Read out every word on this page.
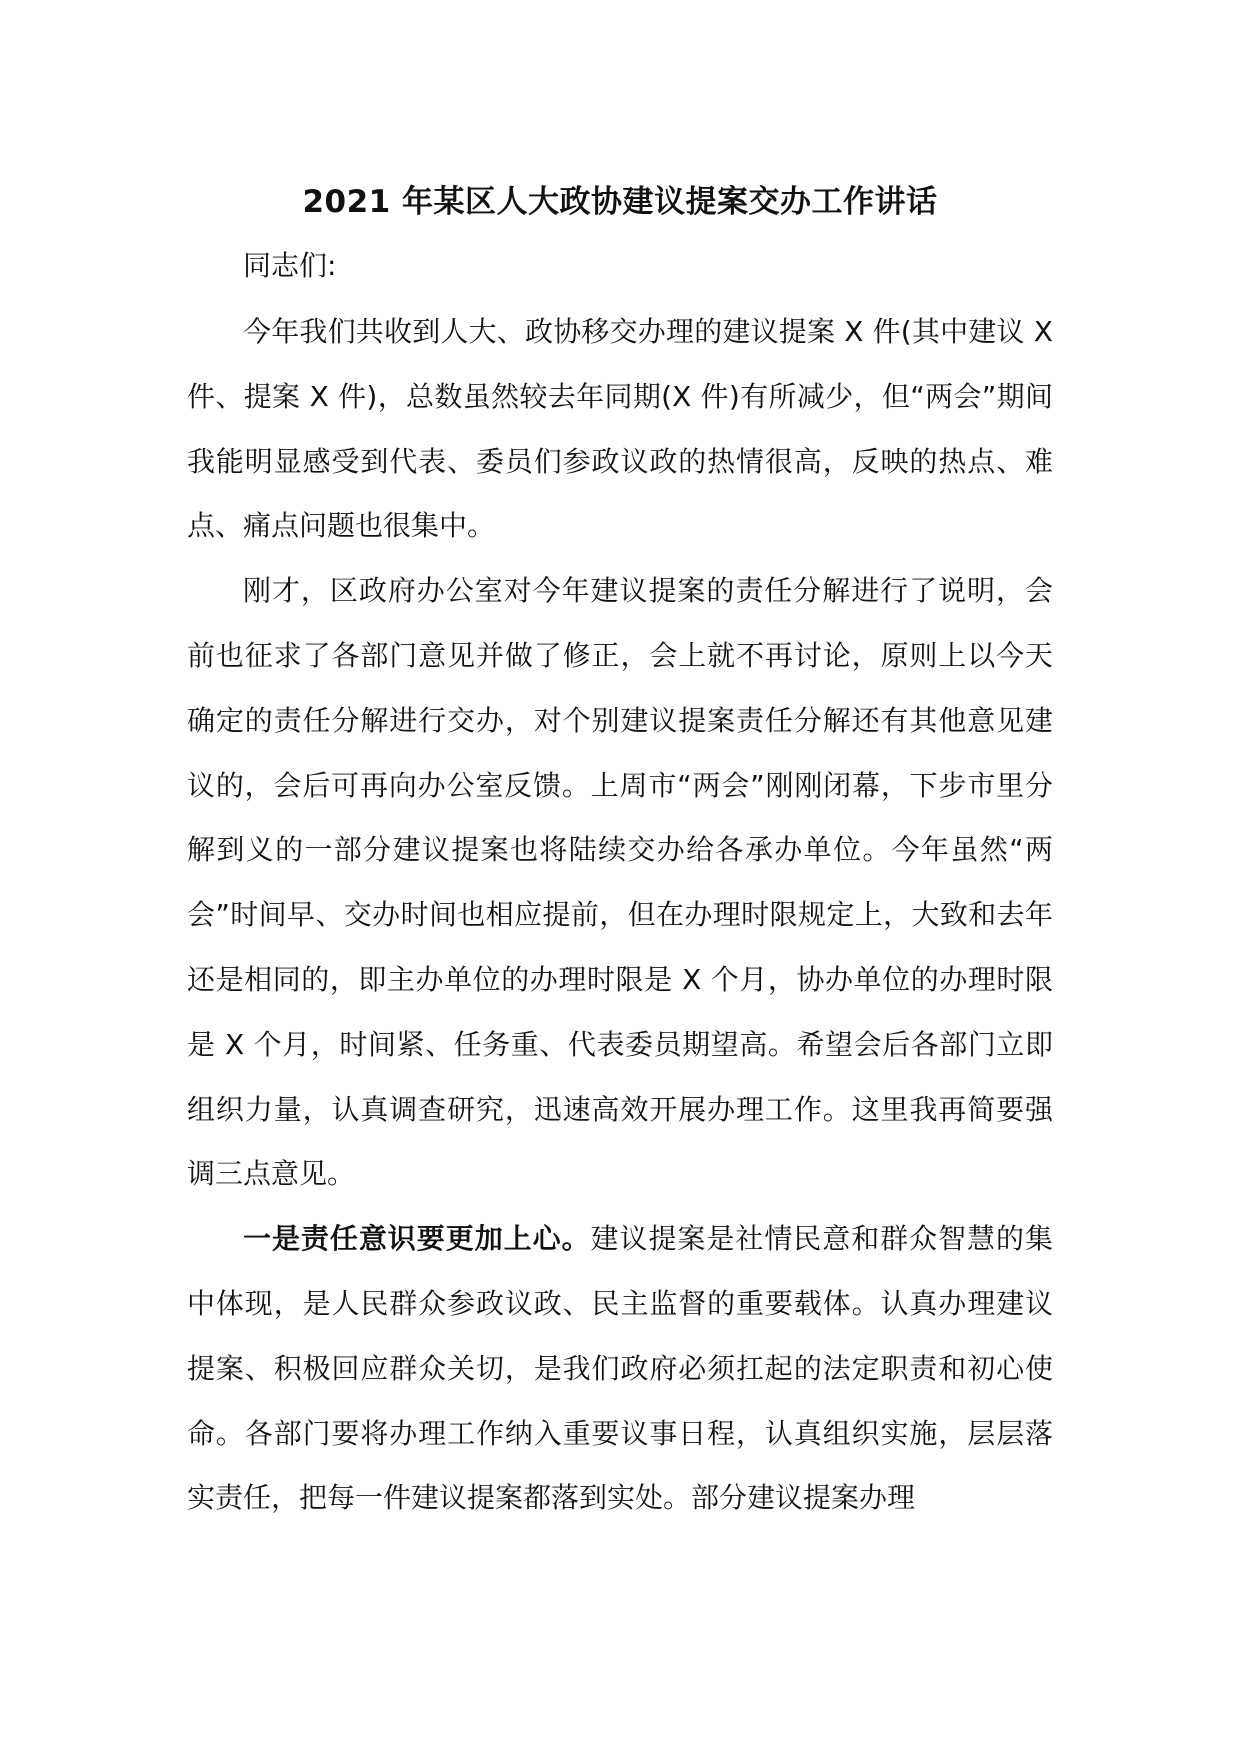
2021 年某区人大政协建议提案交办工作讲话

同志们:

今年我们共收到人大、政协移交办理的建议提案 X 件(其中建议 X 件、提案 X 件)，总数虽然较去年同期(X 件)有所减少，但“两会”期间我能明显感受到代表、委员们参政议政的热情很高，反映的热点、难点、痛点问题也很集中。

刚才，区政府办公室对今年建议提案的责任分解进行了说明，会前也征求了各部门意见并做了修正，会上就不再讨论，原则上以今天确定的责任分解进行交办，对个别建议提案责任分解还有其他意见建议的，会后可再向办公室反馈。上周市“两会”刚刚闭幕，下步市里分解到义的一部分建议提案也将陆续交办给各承办单位。今年虽然“两会”时间早、交办时间也相应提前，但在办理时限规定上，大致和去年还是相同的，即主办单位的办理时限是 X 个月，协办单位的办理时限是 X 个月，时间紧、任务重、代表委员期望高。希望会后各部门立即组织力量，认真调查研究，迅速高效开展办理工作。这里我再简要强调三点意见。

一是责任意识要更加上心。建议提案是社情民意和群众智慧的集中体现，是人民群众参政议政、民主监督的重要载体。认真办理建议提案、积极回应群众关切，是我们政府必须扛起的法定职责和初心使命。各部门要将办理工作纳入重要议事日程，认真组织实施，层层落实责任，把每一件建议提案都落到实处。部分建议提案办理
